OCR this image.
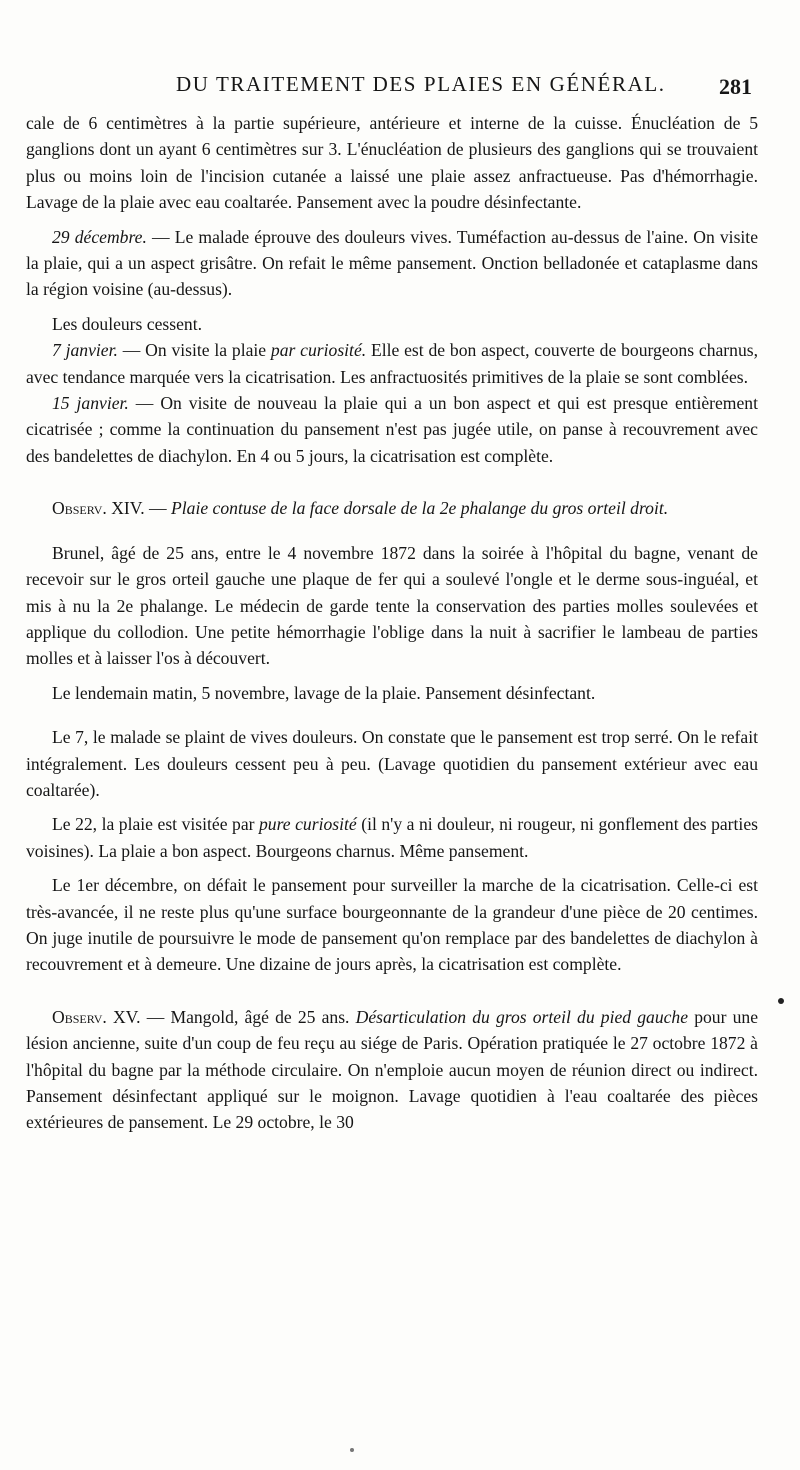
DU TRAITEMENT DES PLAIES EN GÉNÉRAL. 281

cale de 6 centimètres à la partie supérieure, antérieure et interne de la cuisse. Énucléation de 5 ganglions dont un ayant 6 centimètres sur 3. L'énucléation de plusieurs des ganglions qui se trouvaient plus ou moins loin de l'incision cutanée a laissé une plaie assez anfractueuse. Pas d'hémorrhagie. Lavage de la plaie avec eau coaltarée. Pansement avec la poudre désinfectante.

29 décembre. — Le malade éprouve des douleurs vives. Tuméfaction au-dessus de l'aine. On visite la plaie, qui a un aspect grisâtre. On refait le même pansement. Onction belladonée et cataplasme dans la région voisine (au-dessus).

Les douleurs cessent.

7 janvier. — On visite la plaie par curiosité. Elle est de bon aspect, couverte de bourgeons charnus, avec tendance marquée vers la cicatrisation. Les anfractuosités primitives de la plaie se sont comblées.

15 janvier. — On visite de nouveau la plaie qui a un bon aspect et qui est presque entièrement cicatrisée ; comme la continuation du pansement n'est pas jugée utile, on panse à recouvrement avec des bandelettes de diachylon. En 4 ou 5 jours, la cicatrisation est complète.

Observ. XIV. — Plaie contuse de la face dorsale de la 2e phalange du gros orteil droit.

Brunel, âgé de 25 ans, entre le 4 novembre 1872 dans la soirée à l'hôpital du bagne, venant de recevoir sur le gros orteil gauche une plaque de fer qui a soulevé l'ongle et le derme sous-inguéal, et mis à nu la 2e phalange. Le médecin de garde tente la conservation des parties molles soulevées et applique du collodion. Une petite hémorrhagie l'oblige dans la nuit à sacrifier le lambeau de parties molles et à laisser l'os à découvert.

Le lendemain matin, 5 novembre, lavage de la plaie. Pansement désinfectant.

Le 7, le malade se plaint de vives douleurs. On constate que le pansement est trop serré. On le refait intégralement. Les douleurs cessent peu à peu. (Lavage quotidien du pansement extérieur avec eau coaltarée).

Le 22, la plaie est visitée par pure curiosité (il n'y a ni douleur, ni rougeur, ni gonflement des parties voisines). La plaie a bon aspect. Bourgeons charnus. Même pansement.

Le 1er décembre, on défait le pansement pour surveiller la marche de la cicatrisation. Celle-ci est très-avancée, il ne reste plus qu'une surface bourgeonnante de la grandeur d'une pièce de 20 centimes. On juge inutile de poursuivre le mode de pansement qu'on remplace par des bandelettes de diachylon à recouvrement et à demeure. Une dizaine de jours après, la cicatrisation est complète.

Observ. XV. — Mangold, âgé de 25 ans. Désarticulation du gros orteil du pied gauche pour une lésion ancienne, suite d'un coup de feu reçu au siége de Paris. Opération pratiquée le 27 octobre 1872 à l'hôpital du bagne par la méthode circulaire. On n'emploie aucun moyen de réunion direct ou indirect. Pansement désinfectant appliqué sur le moignon. Lavage quotidien à l'eau coaltarée des pièces extérieures de pansement. Le 29 octobre, le 30
